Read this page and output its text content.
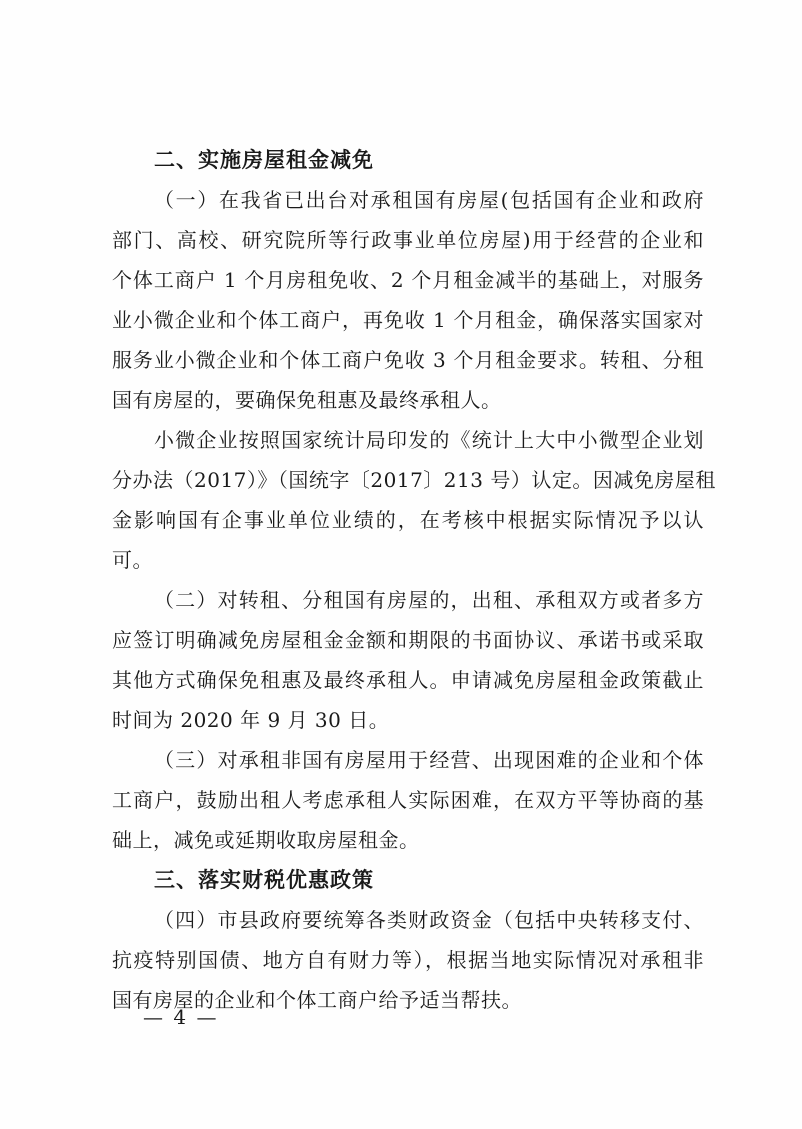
二、实施房屋租金减免
（一）在我省已出台对承租国有房屋(包括国有企业和政府
部门、高校、研究院所等行政事业单位房屋)用于经营的企业和
个体工商户 1 个月房租免收、2 个月租金减半的基础上，对服务
业小微企业和个体工商户，再免收 1 个月租金，确保落实国家对
服务业小微企业和个体工商户免收 3 个月租金要求。转租、分租
国有房屋的，要确保免租惠及最终承租人。
小微企业按照国家统计局印发的《统计上大中小微型企业划
分办法（2017）》（国统字〔2017〕213 号）认定。因减免房屋租
金影响国有企事业单位业绩的，在考核中根据实际情况予以认
可。
（二）对转租、分租国有房屋的，出租、承租双方或者多方
应签订明确减免房屋租金金额和期限的书面协议、承诺书或采取
其他方式确保免租惠及最终承租人。申请减免房屋租金政策截止
时间为 2020 年 9 月 30 日。
（三）对承租非国有房屋用于经营、出现困难的企业和个体
工商户，鼓励出租人考虑承租人实际困难，在双方平等协商的基
础上，减免或延期收取房屋租金。
三、落实财税优惠政策
（四）市县政府要统筹各类财政资金（包括中央转移支付、
抗疫特别国债、地方自有财力等），根据当地实际情况对承租非
国有房屋的企业和个体工商户给予适当帮扶。
— 4 —
